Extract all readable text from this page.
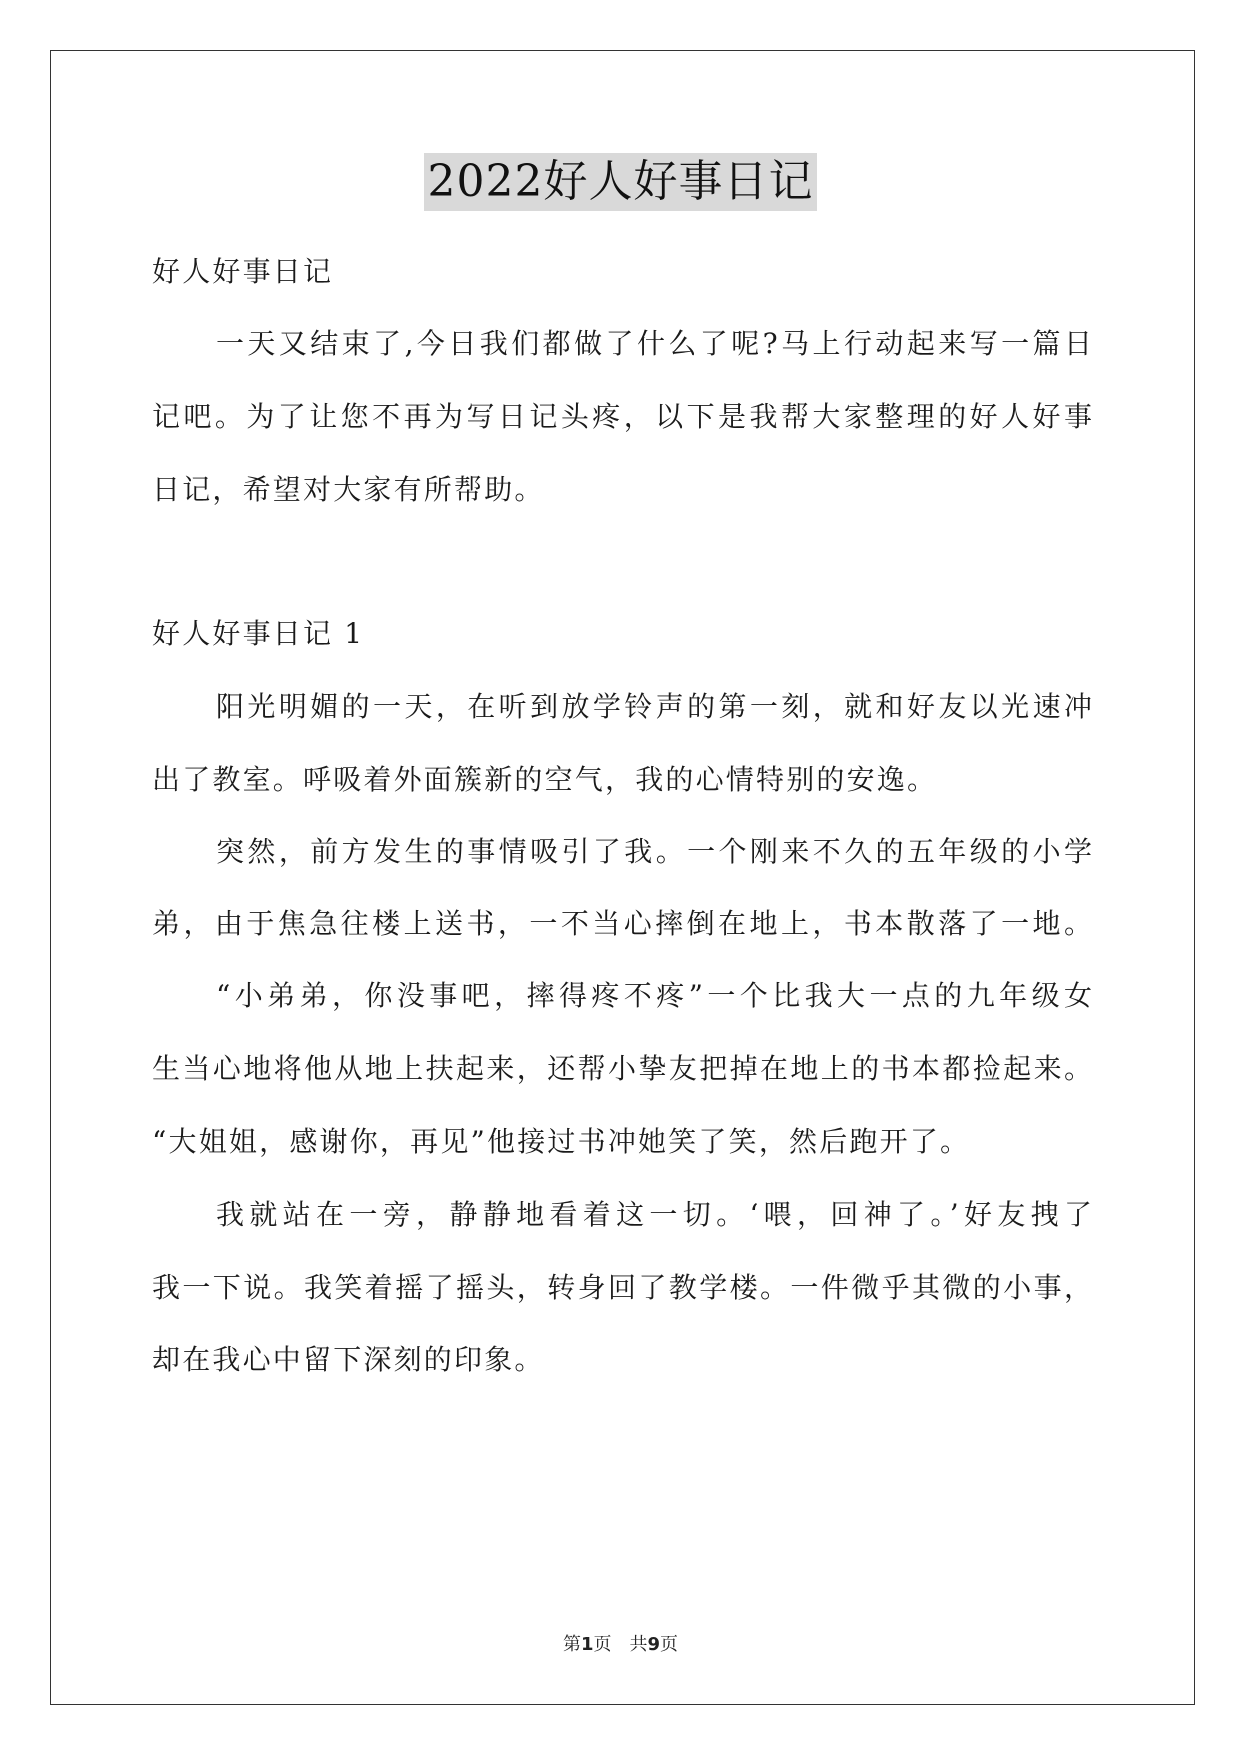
2022好人好事日记
好人好事日记
一天又结束了,今日我们都做了什么了呢?马上行动起来写一篇日
记吧。为了让您不再为写日记头疼，以下是我帮大家整理的好人好事
日记，希望对大家有所帮助。
好人好事日记 1
阳光明媚的一天，在听到放学铃声的第一刻，就和好友以光速冲
出了教室。呼吸着外面簇新的空气，我的心情特别的安逸。
突然，前方发生的事情吸引了我。一个刚来不久的五年级的小学
弟，由于焦急往楼上送书，一不当心摔倒在地上，书本散落了一地。
“小弟弟，你没事吧，摔得疼不疼”一个比我大一点的九年级女
生当心地将他从地上扶起来，还帮小挚友把掉在地上的书本都捡起来。
“大姐姐，感谢你，再见”他接过书冲她笑了笑，然后跑开了。
我就站在一旁，静静地看着这一切。‘喂，回神了。’好友拽了
我一下说。我笑着摇了摇头，转身回了教学楼。一件微乎其微的小事，
却在我心中留下深刻的印象。
第1页　共9页
